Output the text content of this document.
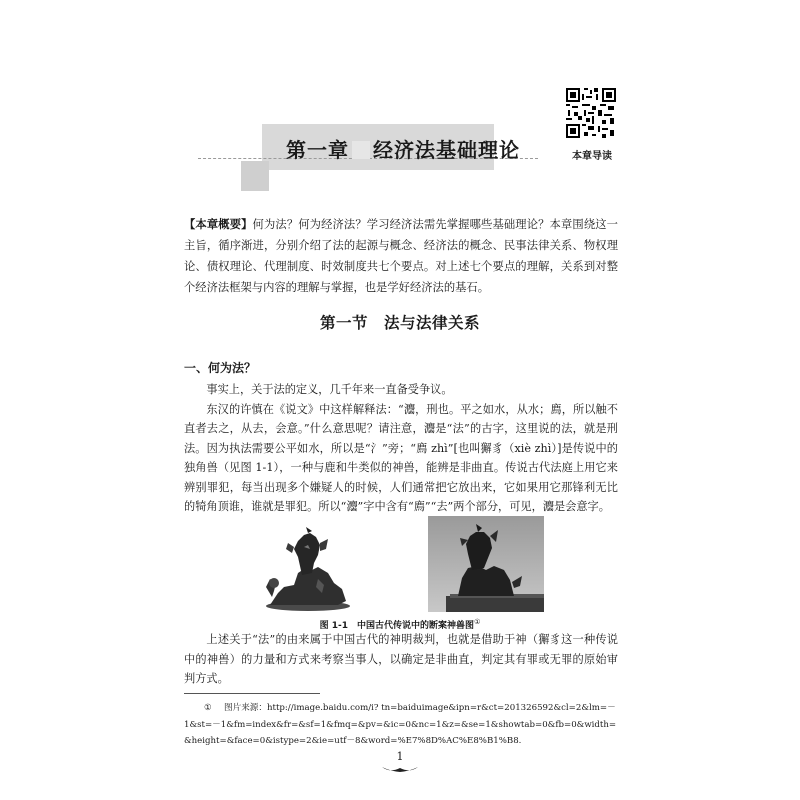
本章导读
第一章 经济法基础理论
【本章概要】何为法？何为经济法？学习经济法需先掌握哪些基础理论？本章围绕这一主旨，循序渐进，分别介绍了法的起源与概念、经济法的概念、民事法律关系、物权理论、债权理论、代理制度、时效制度共七个要点。对上述七个要点的理解，关系到对整个经济法框架与内容的理解与掌握，也是学好经济法的基石。
第一节　法与法律关系
一、何为法？

事实上，关于法的定义，几千年来一直备受争议。

东汉的许慎在《说文》中这样解释法：“灋，刑也。平之如水，从水；廌，所以触不直者去之，从去，会意。”什么意思呢？请注意，灋是“法”的古字，这里说的法，就是刑法。因为执法需要公平如水，所以是“氵”旁；“廌 zhì”[也叫獬豸（xiè zhì）]是传说中的独角兽（见图 1-1），一种与鹿和牛类似的神兽，能辨是非曲直。传说古代法庭上用它来辨别罪犯，每当出现多个嫌疑人的时候，人们通常把它放出来，它如果用它那锋利无比的犄角顶谁，谁就是罪犯。所以“灋”字中含有“廌”“去”两个部分，可见，灋是会意字。

图 1-1　中国古代传说中的断案神兽图①

上述关于“法”的由来属于中国古代的神明裁判，也就是借助于神（獬豸这一种传说中的神兽）的力量和方式来考察当事人，以确定是非曲直，判定其有罪或无罪的原始审判方式。

① 图片来源：http://image.baidu.com/i? tn=baiduimage&ipn=r&ct=201326592&cl=2&lm=－1&st=－1&fm=index&fr=&sf=1&fmq=&pv=&ic=0&nc=1&z=&se=1&showtab=0&fb=0&width=&height=&face=0&istype=2&ie=utf－8&word=%E7%8D%AC%E8%B1%B8.
1
